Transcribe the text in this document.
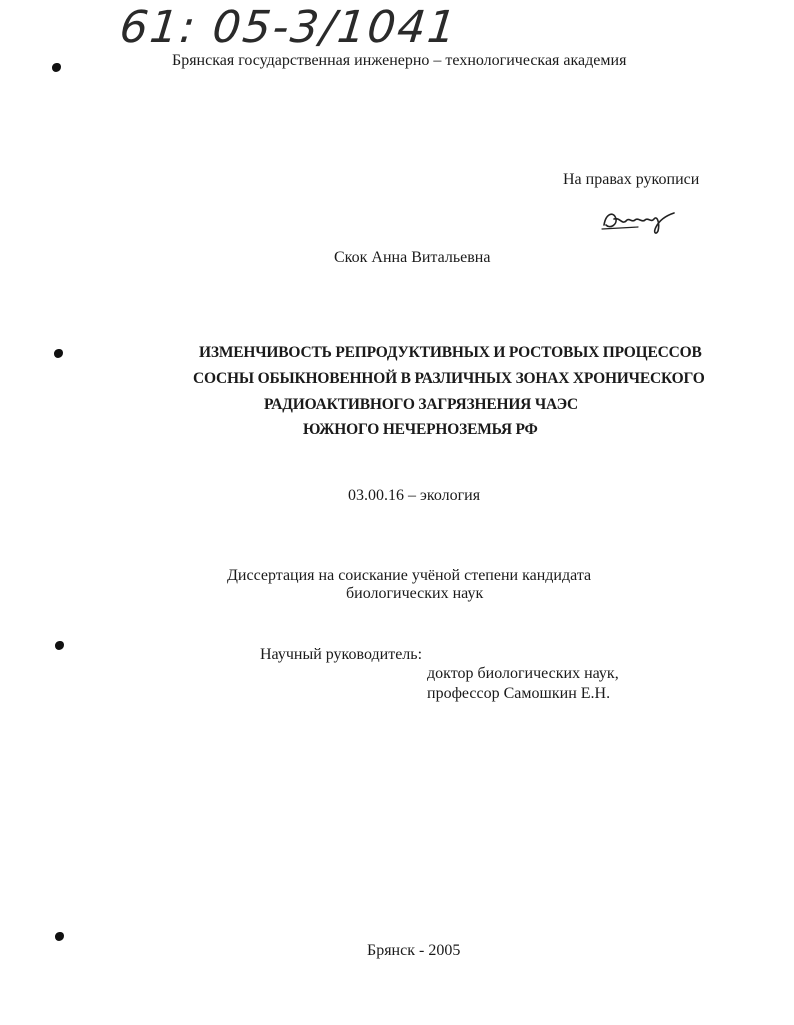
61: 05-3/1041
Брянская государственная инженерно – технологическая академия
На правах рукописи
Скок Анна Витальевна
ИЗМЕНЧИВОСТЬ РЕПРОДУКТИВНЫХ И РОСТОВЫХ ПРОЦЕССОВ
СОСНЫ ОБЫКНОВЕННОЙ В РАЗЛИЧНЫХ ЗОНАХ ХРОНИЧЕСКОГО
РАДИОАКТИВНОГО ЗАГРЯЗНЕНИЯ ЧАЭС
ЮЖНОГО НЕЧЕРНОЗЕМЬЯ РФ
03.00.16 – экология
Диссертация на соискание учёной степени кандидата
биологических наук
Научный руководитель:
доктор биологических наук,
профессор Самошкин Е.Н.
Брянск - 2005
